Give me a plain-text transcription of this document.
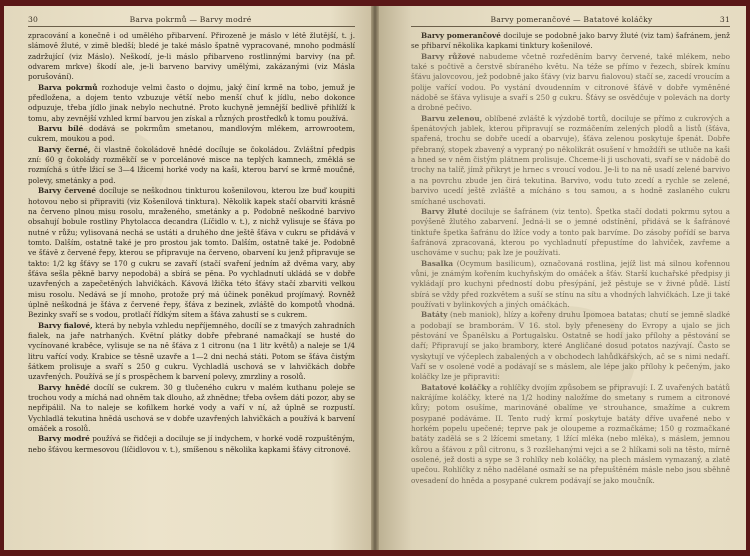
30	Barva pokrmů — Barvy modré

zpracování a konečně i od umělého přibarvení. Přirozeně je máslo v létě žlutější, t. j. slámově žluté, v zimě bledší; bledé je také máslo špatně vypracované, mnoho podmáslí zadržující (viz Máslo). Neškodí, je-li máslo přibarveno rostlinnými barvivy (na př. odvarem mrkve) škodí ale, je-li barveno barvivy umělými, zakázanými (viz Másla porušování).

Barva pokrmů rozhoduje velmi často o dojmu, jaký činí krmě na tobo, jemuž je předložena, a dojem tento vzbuzuje větší nebo menší chuť k jídlu, nebo dokonce odpuzuje, třeba jídlo jinak nebylo nechutné. Proto kuchyně jemnější bedlivě přihlíží k tomu, aby zevnější vzhled krmí barvou jen získal a různých prostředků k tomu používá.

Barvu bílé dodává se pokrmům smetanou, mandlovým mlékem, arrowrootem, cukrem, moukou a pod.

Barvy černé, či vlastně čokoládově hnědé docíluje se čokoládou. Zvláštní předpis zní: 60 g čokolády rozměkčí se v porcelánové misce na teplých kamnech, změklá se rozmíchá s útře lžicí se 3—4 lžicemi horké vody na kaši, kterou barví se krmě moučné, polevy, smetánky a pod.

Barvy červené docíluje se neškodnou tinkturou košenilovou, kterou lze buď koupiti hotovou nebo si připraviti (viz Košenilová tinktura). Několik kapek stačí obarviti krásně na červeno plnou misu rosolu, mraženého, smetánky a p. Podobně neškodné barvivo obsahují bobule rostliny Phytolacca decandra (Líčidlo v. t.), z nichž vylisuje se šťáva po nutné v růžu; vylisovaná nechá se ustáti a druhého dne ještě šťáva v cukru se přidává v tomto. Dalším, ostatně také je pro prostou jak tomto. Dalším, ostatně také je. Podobně ve šťávě z červené řepy, kterou se připravuje na červeno, obarvení ku jenž připravuje se takto: 1/2 kg šťávy se 170 g cukru se zavaří (stačí svaření jedním až dvěma vary, aby šťáva sešla pěkně barvy nepodobá) a sbírá se pěna. Po vychladnutí ukládá se v dobře uzavřených a zapečetěných lahvičkách. Kávová lžička této šťávy stačí zbarviti velkou misu rosolu. Nedává se jí mnoho, protože prý má účinek poněkud projímavý. Rovněž úplně neškodná je šťáva z červené řepy, šťáva z bezinek, zvláště do kompotů vhodná. Bezinky svaří se s vodou, protlačí řídkým sítem a šťáva zahustí se s cukrem.

Barvy fialové, která by nebyla vzhledu nepříjemného, docílí se z tmavých zahradních fialek, na jaře natrhaných. Květní plátky dobře přebrané namačkají se husté do vycínované kraběce, vylisuje se na ně šťáva z 1 citronu (na 1 litr květů) a naleje se 1/4 litru vařící vody. Krabice se těsně uzavře a 1—2 dni nechá státi. Potom se šťáva čistým šátkem prolisuje a svaří s 250 g cukru. Vychladlá uschová se v lahvičkách dobře uzavřených. Používá se jí s prospěchem k barvení polevy, zmrzliny a rosolů.

Barvy hnědé docílí se cukrem. 30 g tlučeného cukru v malém kuthanu poleje se trochou vody a míchá nad ohněm tak dlouho, až zhnědne; třeba ovšem dáti pozor, aby se nepřipálil. Na to naleje se kofilkem horké vody a vaří v ní, až úplně se rozpustí. Vychladlá tekutina hnědá uschová se v dobře uzavřených lahvičkách a používá k barvení omáček a rosolů.

Barvy modré používá se řidčeji a dociluje se jí indychem, v horké vodě rozpuštěným, nebo šťávou kermesovou (líčidlovou v. t.), smíšenou s několika kapkami šťávy citronové.

Barvy pomerančové — Batatové koláčky	31

Barvy pomerančové dociluje se podobně jako barvy žluté (viz tam) šafránem, jenž se přibarví několika kapkami tinktury košenilové.

Barvy růžové nabudeme včetně rozředěním barvy červené, také mlékem, nebo také s počtivě a čerstvě sbíraného květu. Na téže se přímo v řezech, sbírek kmínu šťávu jalovcovou, jež podobně jako šťávy (viz barvu fialovou) stačí se, zacedí vroucím a polije vařící vodou. Po vystání dvoudenním v citronové šťávě v dobře vyměněné nádobě se šťáva vylisuje a svaří s 250 g cukru. Šťávy se osvědčuje v polevách na dorty a drobné pečivo.

Barvu zelenou, oblíbené zvláště k výzdobě tortů, dociluje se přímo z cukrových a špenátových jablek, kterou připravují se rozmáčením zelených plodů a listů (šťáva, spařená, trochu se dobře ucedí a obarvuje), šťáva zelenou poskytuje špenát. Dobře přebraný, stopek zbavený a vypraný po několikrát osušení v hmoždíři se utluče na kaši a hned se v něm čistým plátnem prolisuje. Chceme-li ji uschovati, svaří se v nádobě do trochy na talíř, jímž přikryt je hrnec s vroucí vodou. Je-li to na ně usadí zelené barvivo a na povrchu zbude jen čirá tekutina. Barvivo, vodu tuto zcedí a rychle se zelené, barvivo ucedí ještě zvláště a mícháno s tou samou, a s hodně zaslaného cukru smíchané uschovati.

Barvy žluté dociluje se šafránem (viz tento). Špetka stačí dodati pokrmu sytou a povýšeně žlutého zabarvení. Jedná-li se o jemné odstínění, přidává se k šafránové tinktuře špetka šafránu do lžíce vody a tonto pak barvíme. Do zásoby pořídí se barva šafránová zpracovaná, kterou po vychladnutí přepustíme do lahviček, zavřeme a uschováme v suchu; pak lze je používati.

Basalka (Ocymum basilicum), označovaná rostlina, jejíž list má silnou kořennou vůni, je známým kořením kuchyňským do omáček a šťáv. Starší kuchařské předpisy ji vykládají pro kuchyni předností dobu přesýpání, jež pěstuje se v živné půdě. Listí sbírá se vždy před rozkvětem a suší se stínu na sítu a vhodných lahvičkách. Lze ji také používati v bylinkových a jiných omáčkách.

Batáty (neb maniok), hlízy a kořeny druhu Ipomoea batatas; chutí se jemně sladké a podobají se bramborám. V 16. stol. byly přeneseny do Evropy a ujalo se jich pěstování ve Španělsku a Portugalsku. Ostatně se hodí jako přílohy a pěstování se daří; Připravují se jako brambory, které Angličané dosud potatos nazývají. Často se vyskytují ve výčeplech zabalených a v obchodech lahůdkářských, ač se s nimi nedaří. Vaří se v osolené vodě a podávají se s máslem, ale lépe jako přílohy k pečeným, jako koláčky lze je připraviti:

Batatové koláčky a rohlíčky dvojím způsobem se připravují: I. Z uvařených batátů nakrájíme koláčky, které na 1/2 hodiny naložíme do smetany s rumem a citronové kůry; potom osušíme, marinováné obalíme ve strouhance, smažíme a cukrem posypané podáváme. II. Tento rudý krmí poskytuje batáty dříve uvařené nebo v horkém popelu upečené; teprve pak je oloupeme a rozmačkáme; 150 g rozmačkané batáty zadělá se s 2 lžícemi smetany, 1 lžící mléka (nebo mléka), s máslem, jemnou kůrou a šťávou z půl citronu, s 3 rozšlehanými vejci a se 2 hlíkami soli na těsto, mírně osolené, jež dosti a sype se 3 rohlíky neb koláčky, na plech máslem vymazaný, a zlatě upečou. Rohlíčky z něho nadělané osmaží se na přepuštěném másle nebo jsou sběhně ovesadení do hněda a posypané cukrem podávají se jako moučník.
